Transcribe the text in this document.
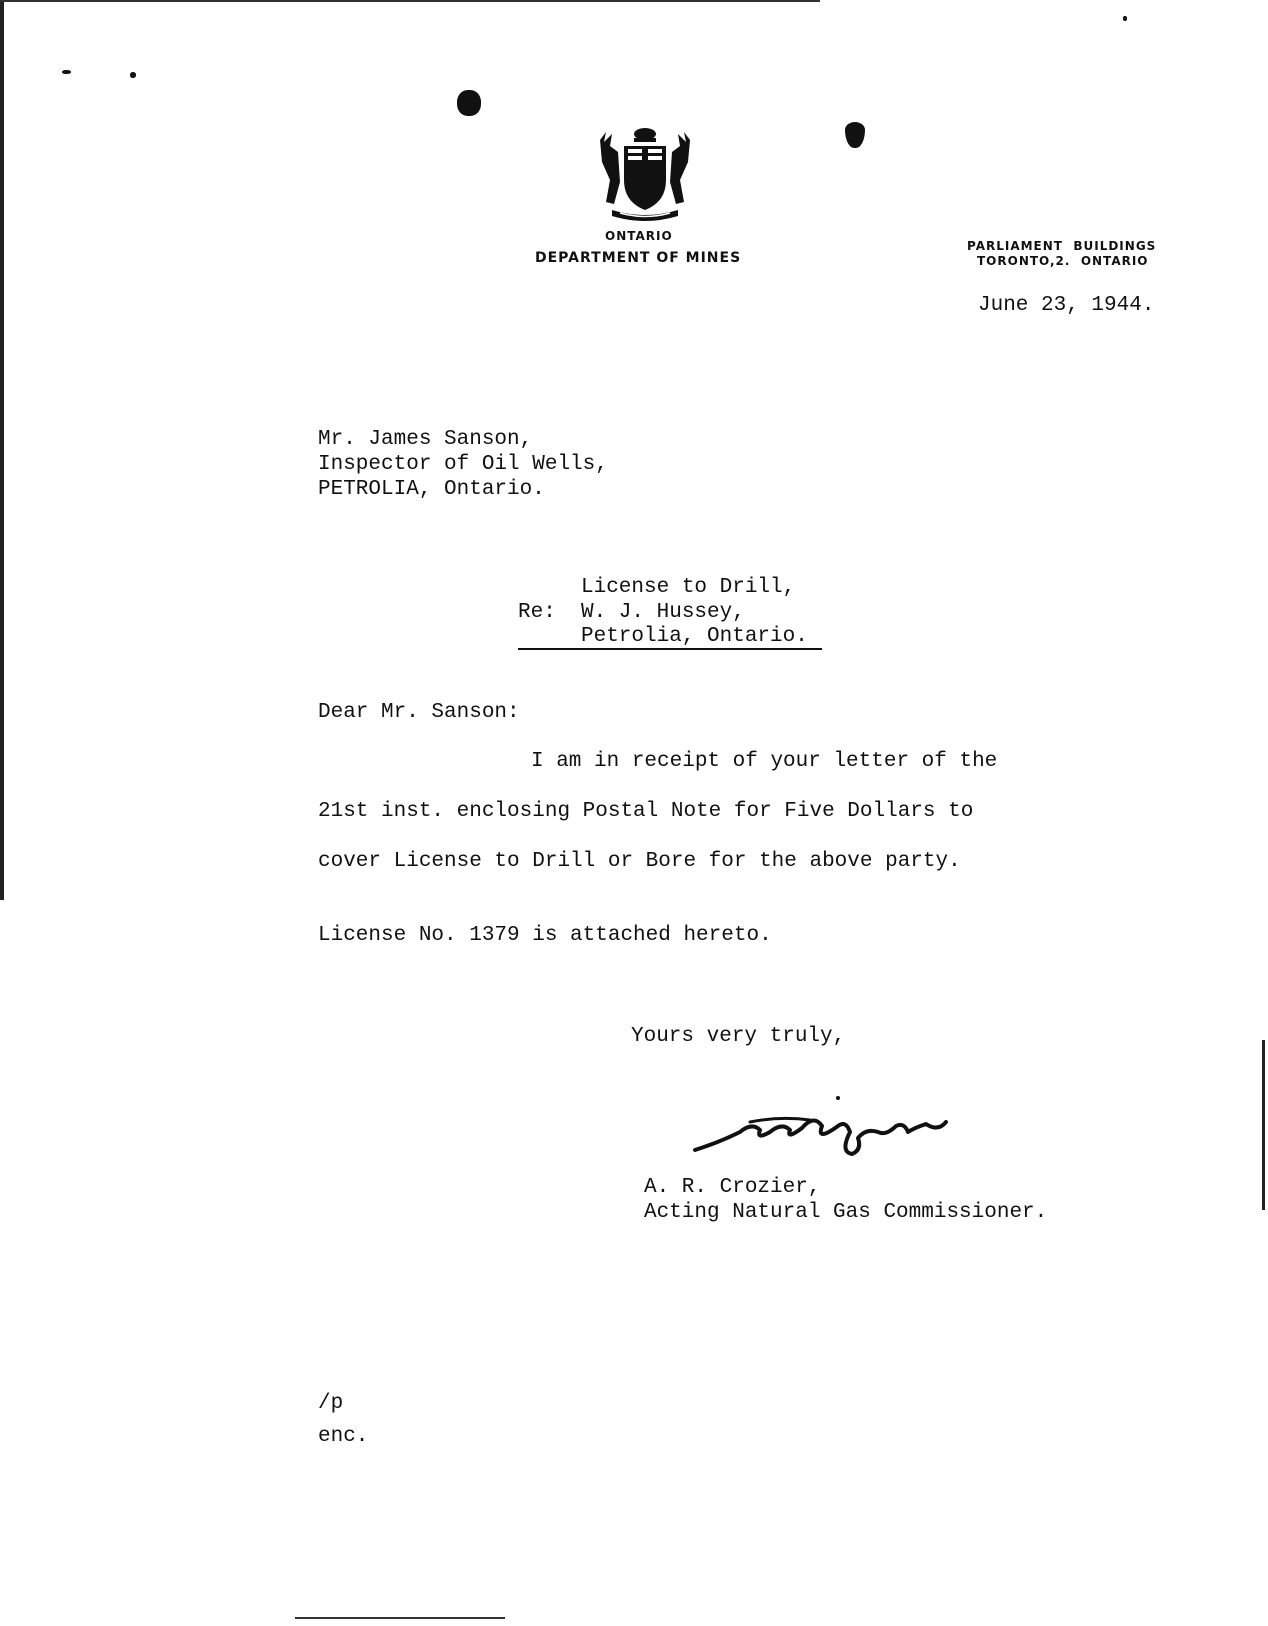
ONTARIO
DEPARTMENT OF MINES
PARLIAMENT  BUILDINGS
TORONTO,2.  ONTARIO
June 23, 1944.
Mr. James Sanson,
Inspector of Oil Wells,
PETROLIA, Ontario.
License to Drill,
Re: W. J. Hussey,
Petrolia, Ontario.
Dear Mr. Sanson:
I am in receipt of your letter of the
21st inst. enclosing Postal Note for Five Dollars to
cover License to Drill or Bore for the above party.
License No. 1379 is attached hereto.
Yours very truly,
A. R. Crozier,
Acting Natural Gas Commissioner.
/p
enc.
